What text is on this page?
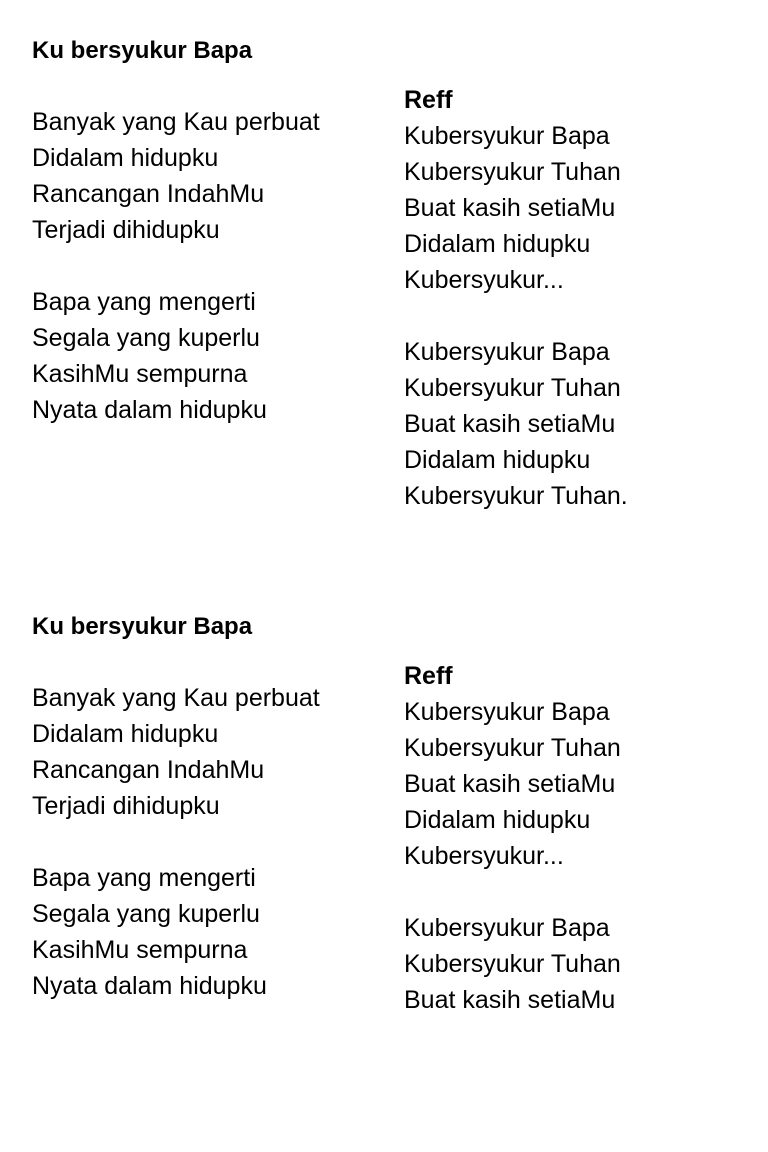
Ku bersyukur Bapa
Banyak yang Kau perbuat
Didalam hidupku
Rancangan IndahMu
Terjadi dihidupku
Bapa yang mengerti
Segala yang kuperlu
KasihMu sempurna
Nyata dalam hidupku
Reff
Kubersyukur Bapa
Kubersyukur Tuhan
Buat kasih setiaMu
Didalam hidupku
Kubersyukur...
Kubersyukur Bapa
Kubersyukur Tuhan
Buat kasih setiaMu
Didalam hidupku
Kubersyukur Tuhan.
Ku bersyukur Bapa
Banyak yang Kau perbuat
Didalam hidupku
Rancangan IndahMu
Terjadi dihidupku
Bapa yang mengerti
Segala yang kuperlu
KasihMu sempurna
Nyata dalam hidupku
Reff
Kubersyukur Bapa
Kubersyukur Tuhan
Buat kasih setiaMu
Didalam hidupku
Kubersyukur...
Kubersyukur Bapa
Kubersyukur Tuhan
Buat kasih setiaMu
